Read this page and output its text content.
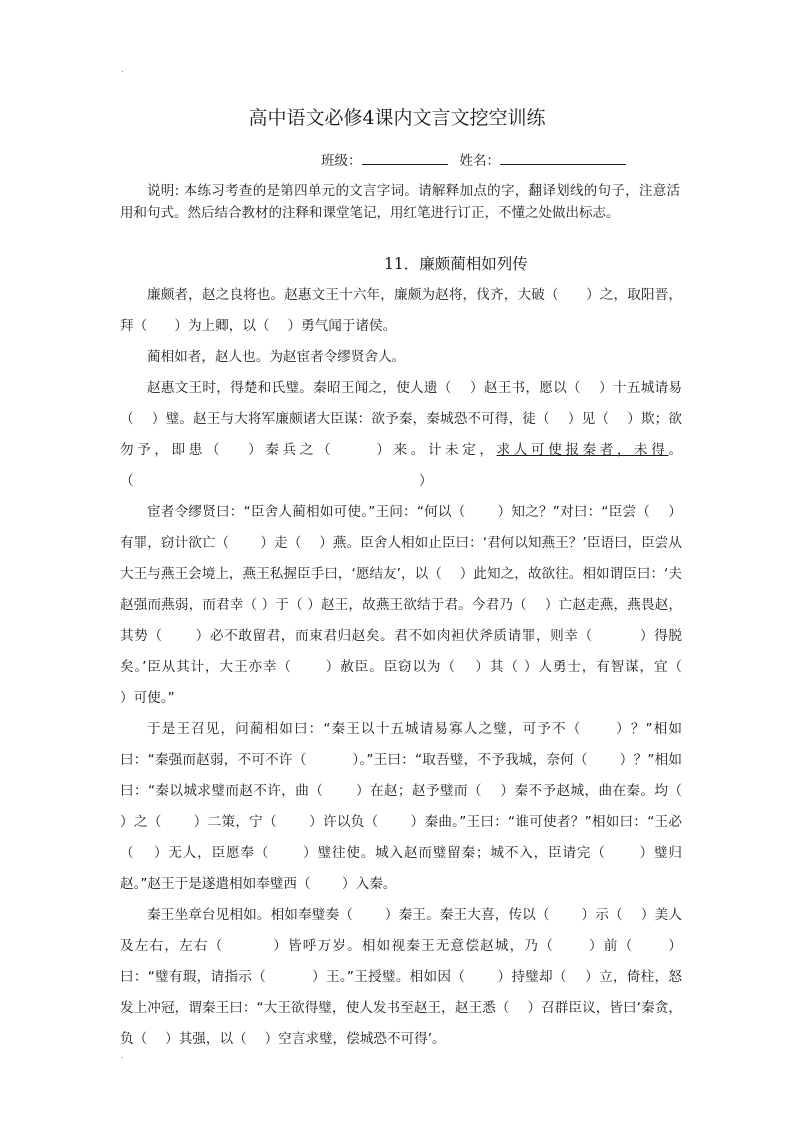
.
高中语文必修4课内文言文挖空训练
班级：	姓名：
说明: 本练习考查的是第四单元的文言字词。请解释加点的字，翻译划线的句子，注意活用和句式。然后结合教材的注释和课堂笔记，用红笔进行订正，不懂之处做出标志。
11．廉颇蔺相如列传

廉颇者，赵之良将也。赵惠文王十六年，廉颇为赵将，伐齐，大破（　　）之，取阳晋，拜（　　）为上卿，以（　 ）勇气闻于诸侯。

蔺相如者，赵人也。为赵宦者令缪贤舍人。

赵惠文王时，得楚和氏璧。秦昭王闻之，使人遗（　 ）赵王书，愿以（　 ）十五城请易（　 ）璧。赵王与大将军廉颇诸大臣谋：欲予秦，秦城恐不可得，徒（　 ）见（　 ）欺；欲勿予，即患（　 ）秦兵之（　　 ）来。计未定，求人可使报秦者，未得。（　　　　　　　　　　　　　　　　　　　　　）

宦者令缪贤曰：“臣舍人蔺相如可使。”王问：“何以（　　 ）知之？”对曰：“臣尝（　 ）有罪，窃计欲亡（　　 ）走（　 ）燕。臣舍人相如止臣曰：‘君何以知燕王？’臣语曰，臣尝从大王与燕王会境上，燕王私握臣手曰，‘愿结友’，以（　 ）此知之，故欲往。相如谓臣曰：‘夫赵强而燕弱，而君幸（ ）于（ ）赵王，故燕王欲结于君。今君乃（　 ）亡赵走燕，燕畏赵，其势（　　 ）必不敢留君，而束君归赵矣。君不如肉袒伏斧质请罪，则幸（　　　 ）得脱矣。’臣从其计，大王亦幸（　　 ）赦臣。臣窃以为（　 ）其（ ）人勇士，有智谋，宜（　　 ）可使。”

于是王召见，问蔺相如曰：“秦王以十五城请易寡人之璧，可予不（　　 ）？”相如曰：“秦强而赵弱，不可不许（　　　 ）。”王曰：“取吾璧，不予我城，奈何（　　 ）？”相如曰：“秦以城求璧而赵不许，曲（　　 ）在赵；赵予璧而（　 ）秦不予赵城，曲在秦。均（　　 ）之（　　 ）二策，宁（　　 ）许以负（　　 ）秦曲。”王曰：“谁可使者？”相如曰：“王必（　 ）无人，臣愿奉（　　 ）璧往使。城入赵而璧留秦；城不入，臣请完（　　 ）璧归赵。”赵王于是遂遣相如奉璧西（　　 ）入秦。

秦王坐章台见相如。相如奉璧奏（　　 ）秦王。秦王大喜，传以（　　 ）示（　 ）美人及左右，左右（　　　 ）皆呼万岁。相如视秦王无意偿赵城，乃（　　 ）前（　　 ）曰：“璧有瑕，请指示（　　　 ）王。”王授璧。相如因（　　 ）持璧却（　 ）立，倚柱，怒发上冲冠，谓秦王曰：“大王欲得璧，使人发书至赵王，赵王悉（　 ）召群臣议，皆曰‘秦贪，负（　 ）其强，以（　 ）空言求璧，偿城恐不可得’。

.
